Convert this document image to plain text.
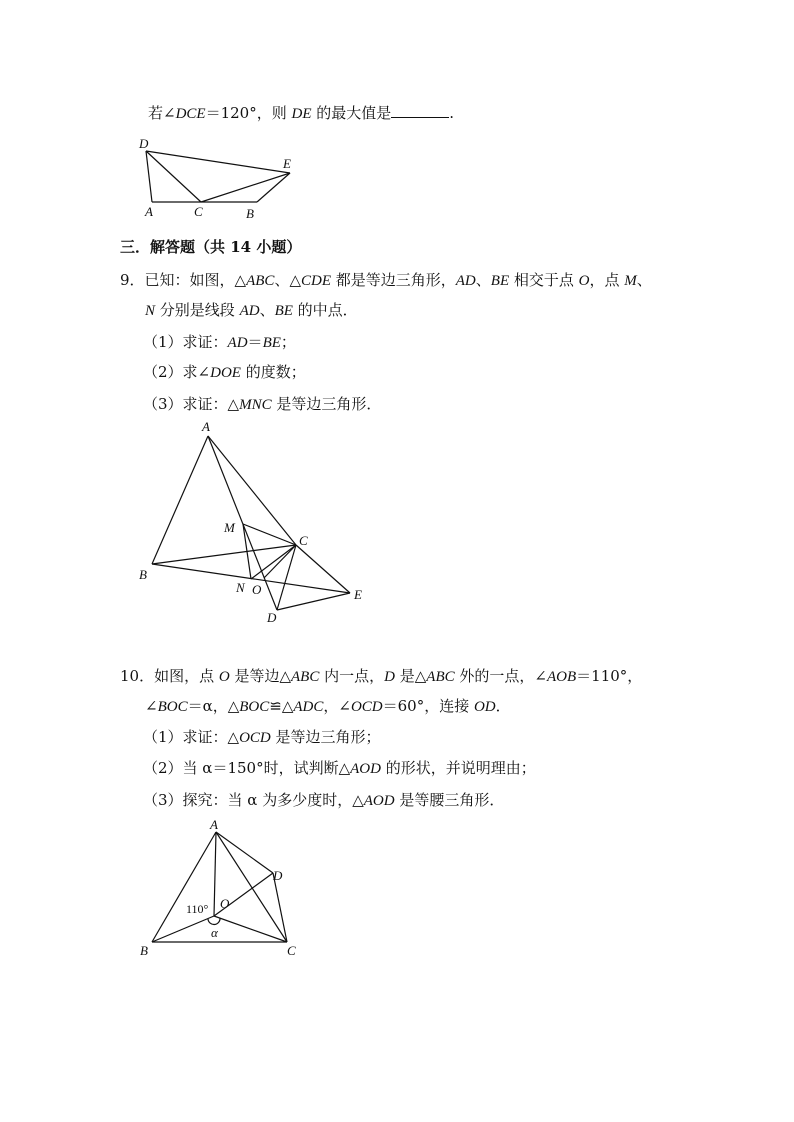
若∠DCE＝120°，则 DE 的最大值是	.
D
E
A	C	B
三．解答题（共 14 小题）
9．已知：如图，△ABC、△CDE 都是等边三角形，AD、BE 相交于点 O，点 M、
N 分别是线段 AD、BE 的中点．
（1）求证：AD＝BE；
（2）求∠DOE 的度数；
（3）求证：△MNC 是等边三角形．
A
M
C
B
N O	E
D
10．如图，点 O 是等边△ABC 内一点，D 是△ABC 外的一点，∠AOB＝110°，
∠BOC＝α，△BOC≌△ADC，∠OCD＝60°，连接 OD．
（1）求证：△OCD 是等边三角形；
（2）当 α＝150°时，试判断△AOD 的形状，并说明理由；
（3）探究：当 α 为多少度时，△AOD 是等腰三角形．
A
D
O
110°
α
B	C
